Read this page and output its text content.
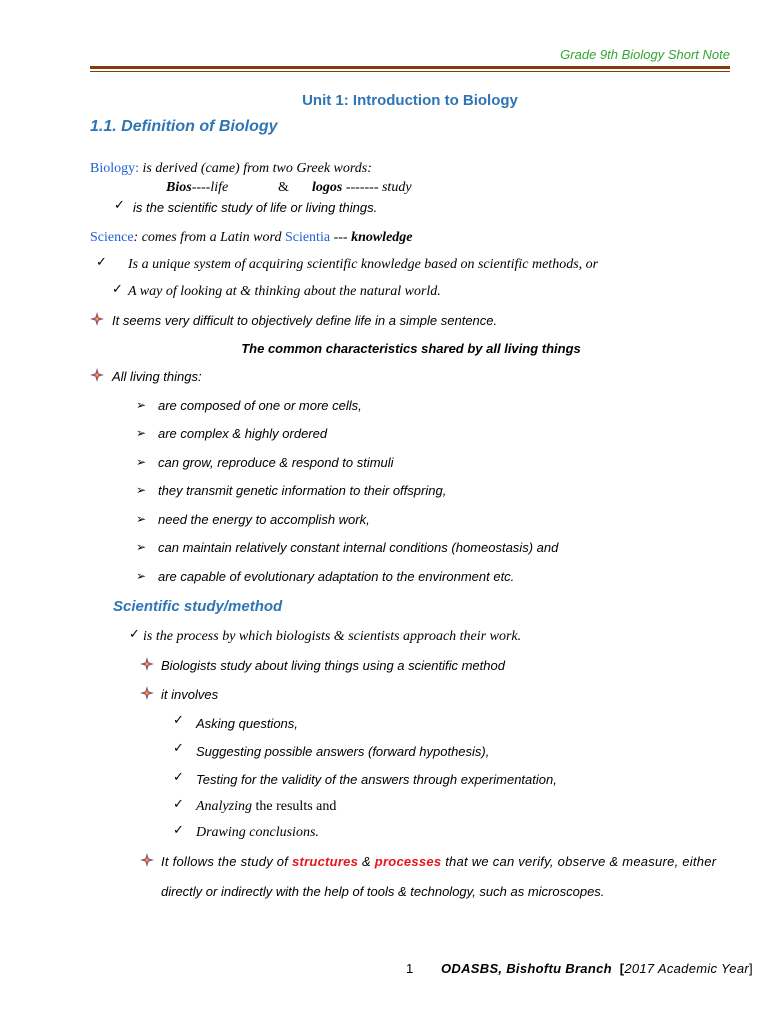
Grade 9th Biology Short Note
Unit 1: Introduction to Biology
1.1. Definition of Biology
Biology: is derived (came) from two Greek words:
Bios----life	& logos ------- study
✓ is the scientific study of life or living things.
Science: comes from a Latin word Scientia --- knowledge
✓ Is a unique system of acquiring scientific knowledge based on scientific methods, or
✓ A way of looking at & thinking about the natural world.
It seems very difficult to objectively define life in a simple sentence.
The common characteristics shared by all living things
All living things:
➢ are composed of one or more cells,
➢ are complex & highly ordered
➢ can grow, reproduce & respond to stimuli
➢ they transmit genetic information to their offspring,
➢ need the energy to accomplish work,
➢ can maintain relatively constant internal conditions (homeostasis) and
➢ are capable of evolutionary adaptation to the environment etc.
Scientific study/method
✓ is the process by which biologists & scientists approach their work.
Biologists study about living things using a scientific method
it involves
✓ Asking questions,
✓ Suggesting possible answers (forward hypothesis),
✓ Testing for the validity of the answers through experimentation,
✓ Analyzing the results and
✓ Drawing conclusions.
It follows the study of structures & processes that we can verify, observe & measure, either
directly or indirectly with the help of tools & technology, such as microscopes.
1 ODASBS, Bishoftu Branch [2017 Academic Year]
